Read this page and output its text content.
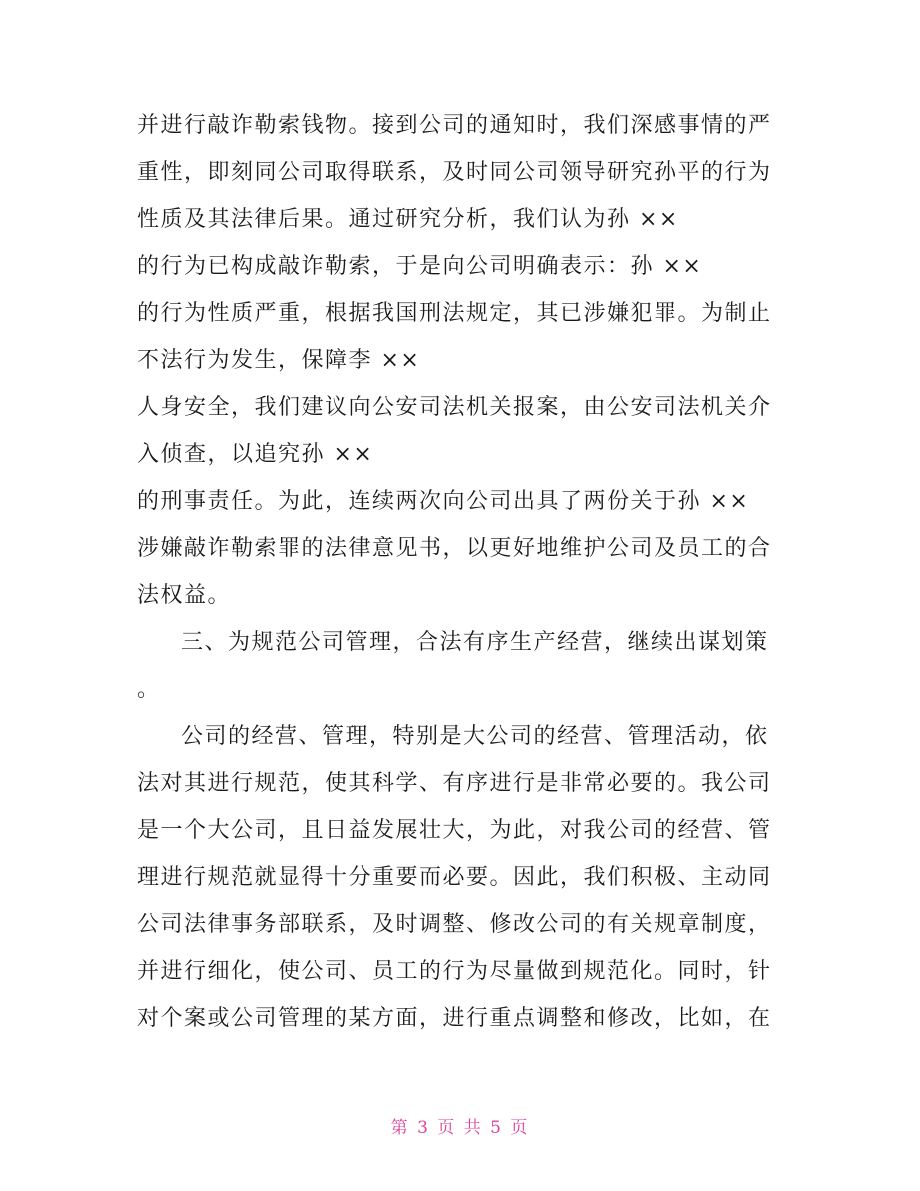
并进行敲诈勒索钱物。接到公司的通知时，我们深感事情的严
重性，即刻同公司取得联系，及时同公司领导研究孙平的行为
性质及其法律后果。通过研究分析，我们认为孙 ××
的行为已构成敲诈勒索，于是向公司明确表示：孙 ××
的行为性质严重，根据我国刑法规定，其已涉嫌犯罪。为制止
不法行为发生，保障李 ××
人身安全，我们建议向公安司法机关报案，由公安司法机关介
入侦查，以追究孙 ××
的刑事责任。为此，连续两次向公司出具了两份关于孙 ××
涉嫌敲诈勒索罪的法律意见书，以更好地维护公司及员工的合
法权益。
三、为规范公司管理，合法有序生产经营，继续出谋划策
。
公司的经营、管理，特别是大公司的经营、管理活动，依
法对其进行规范，使其科学、有序进行是非常必要的。我公司
是一个大公司，且日益发展壮大，为此，对我公司的经营、管
理进行规范就显得十分重要而必要。因此，我们积极、主动同
公司法律事务部联系，及时调整、修改公司的有关规章制度，
并进行细化，使公司、员工的行为尽量做到规范化。同时，针
对个案或公司管理的某方面，进行重点调整和修改，比如，在
第 3 页 共 5 页
